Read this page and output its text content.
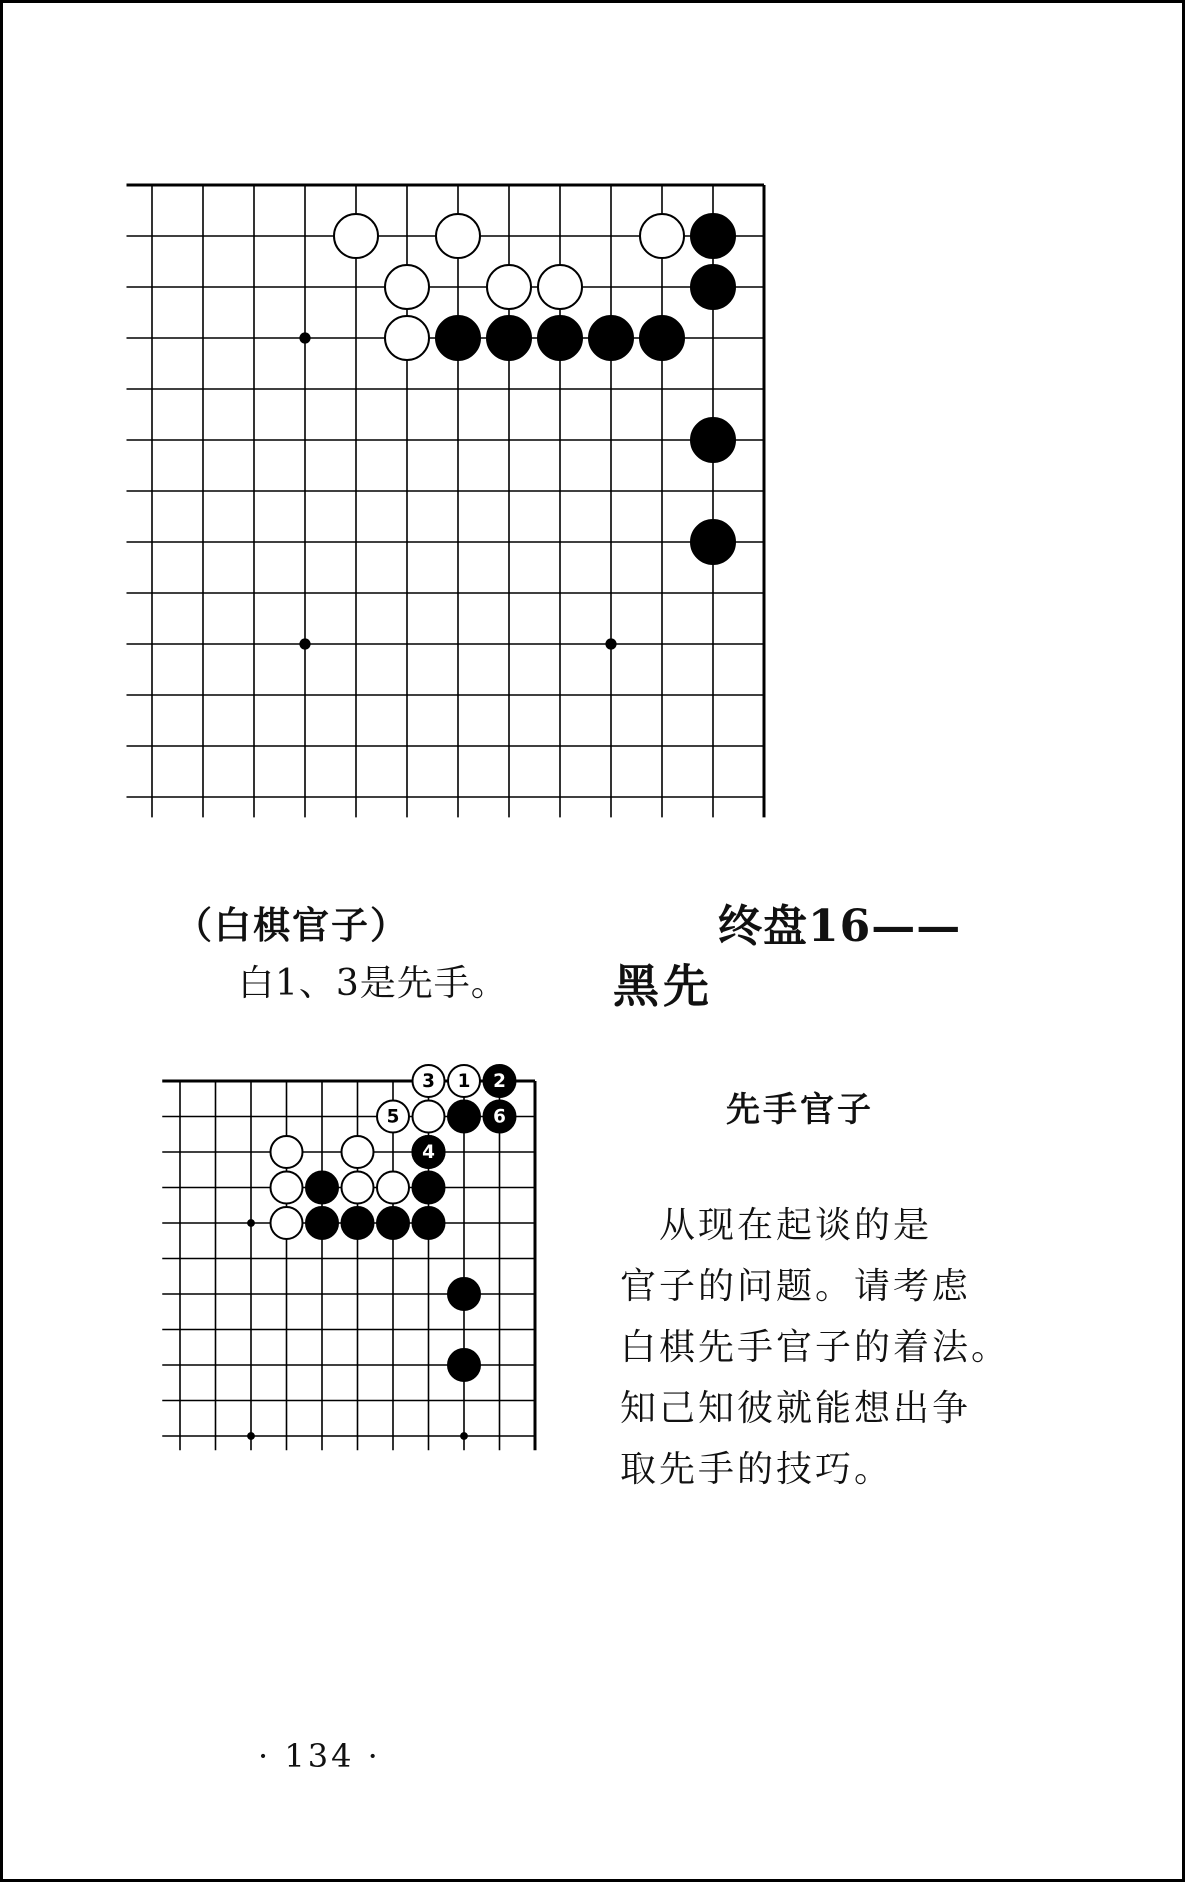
3 1 2
5	6
4
（白棋官子）	终盘16——
白1、3是先手。 黑先
先手官子
　从现在起谈的是
官子的问题。请考虑
白棋先手官子的着法。
知己知彼就能想出争
取先手的技巧。
· 134 ·
